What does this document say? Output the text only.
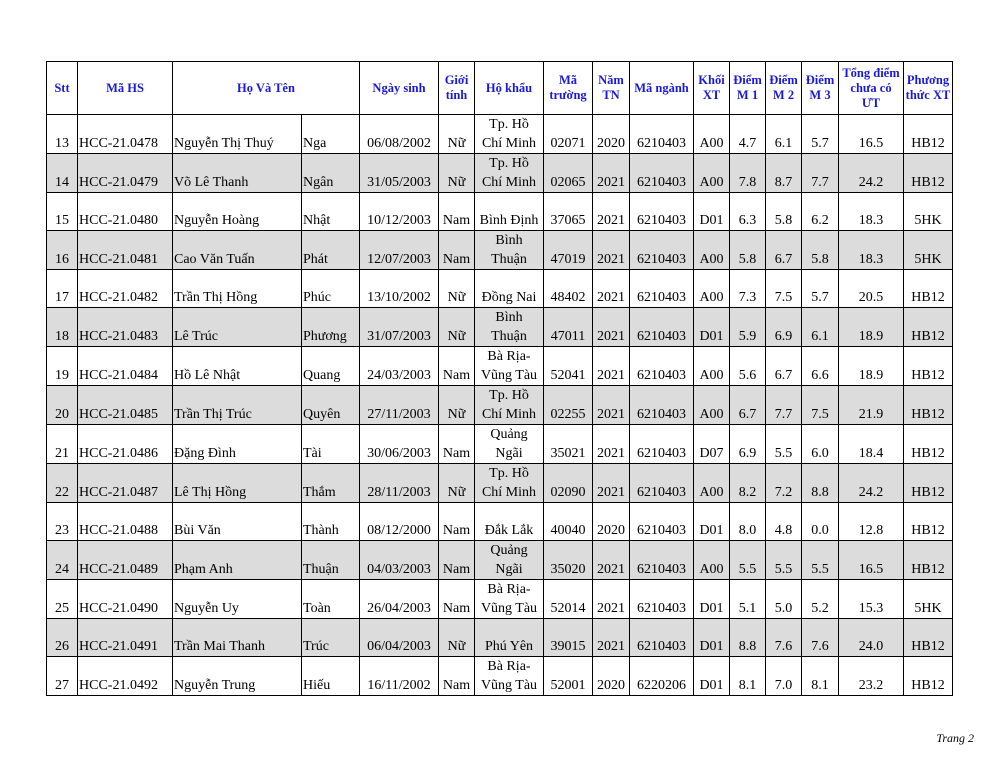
Stt	Mã HS	Họ Và Tên		Ngày sinh	Giới tính	Hộ khẩu	Mã trường	Năm TN	Mã ngành	Khối XT	Điểm M 1	Điểm M 2	Điểm M 3	Tổng điểm chưa có ƯT	Phương thức XT
13	HCC-21.0478	Nguyễn Thị Thuý	Nga	06/08/2002	Nữ	Tp. Hồ
Chí Minh	02071	2020	6210403	A00	4.7	6.1	5.7	16.5	HB12
14	HCC-21.0479	Võ Lê Thanh	Ngân	31/05/2003	Nữ	Tp. Hồ
Chí Minh	02065	2021	6210403	A00	7.8	8.7	7.7	24.2	HB12
15	HCC-21.0480	Nguyễn Hoàng	Nhật	10/12/2003	Nam	Bình Định	37065	2021	6210403	D01	6.3	5.8	6.2	18.3	5HK
16	HCC-21.0481	Cao Văn Tuấn	Phát	12/07/2003	Nam	Bình
Thuận	47019	2021	6210403	A00	5.8	6.7	5.8	18.3	5HK
17	HCC-21.0482	Trần Thị Hồng	Phúc	13/10/2002	Nữ	Đồng Nai	48402	2021	6210403	A00	7.3	7.5	5.7	20.5	HB12
18	HCC-21.0483	Lê Trúc	Phương	31/07/2003	Nữ	Bình
Thuận	47011	2021	6210403	D01	5.9	6.9	6.1	18.9	HB12
19	HCC-21.0484	Hồ Lê Nhật	Quang	24/03/2003	Nam	Bà Rịa-
Vũng Tàu	52041	2021	6210403	A00	5.6	6.7	6.6	18.9	HB12
20	HCC-21.0485	Trần Thị Trúc	Quyên	27/11/2003	Nữ	Tp. Hồ
Chí Minh	02255	2021	6210403	A00	6.7	7.7	7.5	21.9	HB12
21	HCC-21.0486	Đặng Đình	Tài	30/06/2003	Nam	Quảng
Ngãi	35021	2021	6210403	D07	6.9	5.5	6.0	18.4	HB12
22	HCC-21.0487	Lê Thị Hồng	Thắm	28/11/2003	Nữ	Tp. Hồ
Chí Minh	02090	2021	6210403	A00	8.2	7.2	8.8	24.2	HB12
23	HCC-21.0488	Bùi Văn	Thành	08/12/2000	Nam	Đắk Lắk	40040	2020	6210403	D01	8.0	4.8	0.0	12.8	HB12
24	HCC-21.0489	Phạm Anh	Thuận	04/03/2003	Nam	Quảng
Ngãi	35020	2021	6210403	A00	5.5	5.5	5.5	16.5	HB12
25	HCC-21.0490	Nguyễn Uy	Toàn	26/04/2003	Nam	Bà Rịa-
Vũng Tàu	52014	2021	6210403	D01	5.1	5.0	5.2	15.3	5HK
26	HCC-21.0491	Trần Mai Thanh	Trúc	06/04/2003	Nữ	Phú Yên	39015	2021	6210403	D01	8.8	7.6	7.6	24.0	HB12
27	HCC-21.0492	Nguyễn Trung	Hiếu	16/11/2002	Nam	Bà Rịa-
Vũng Tàu	52001	2020	6220206	D01	8.1	7.0	8.1	23.2	HB12
Trang 2
